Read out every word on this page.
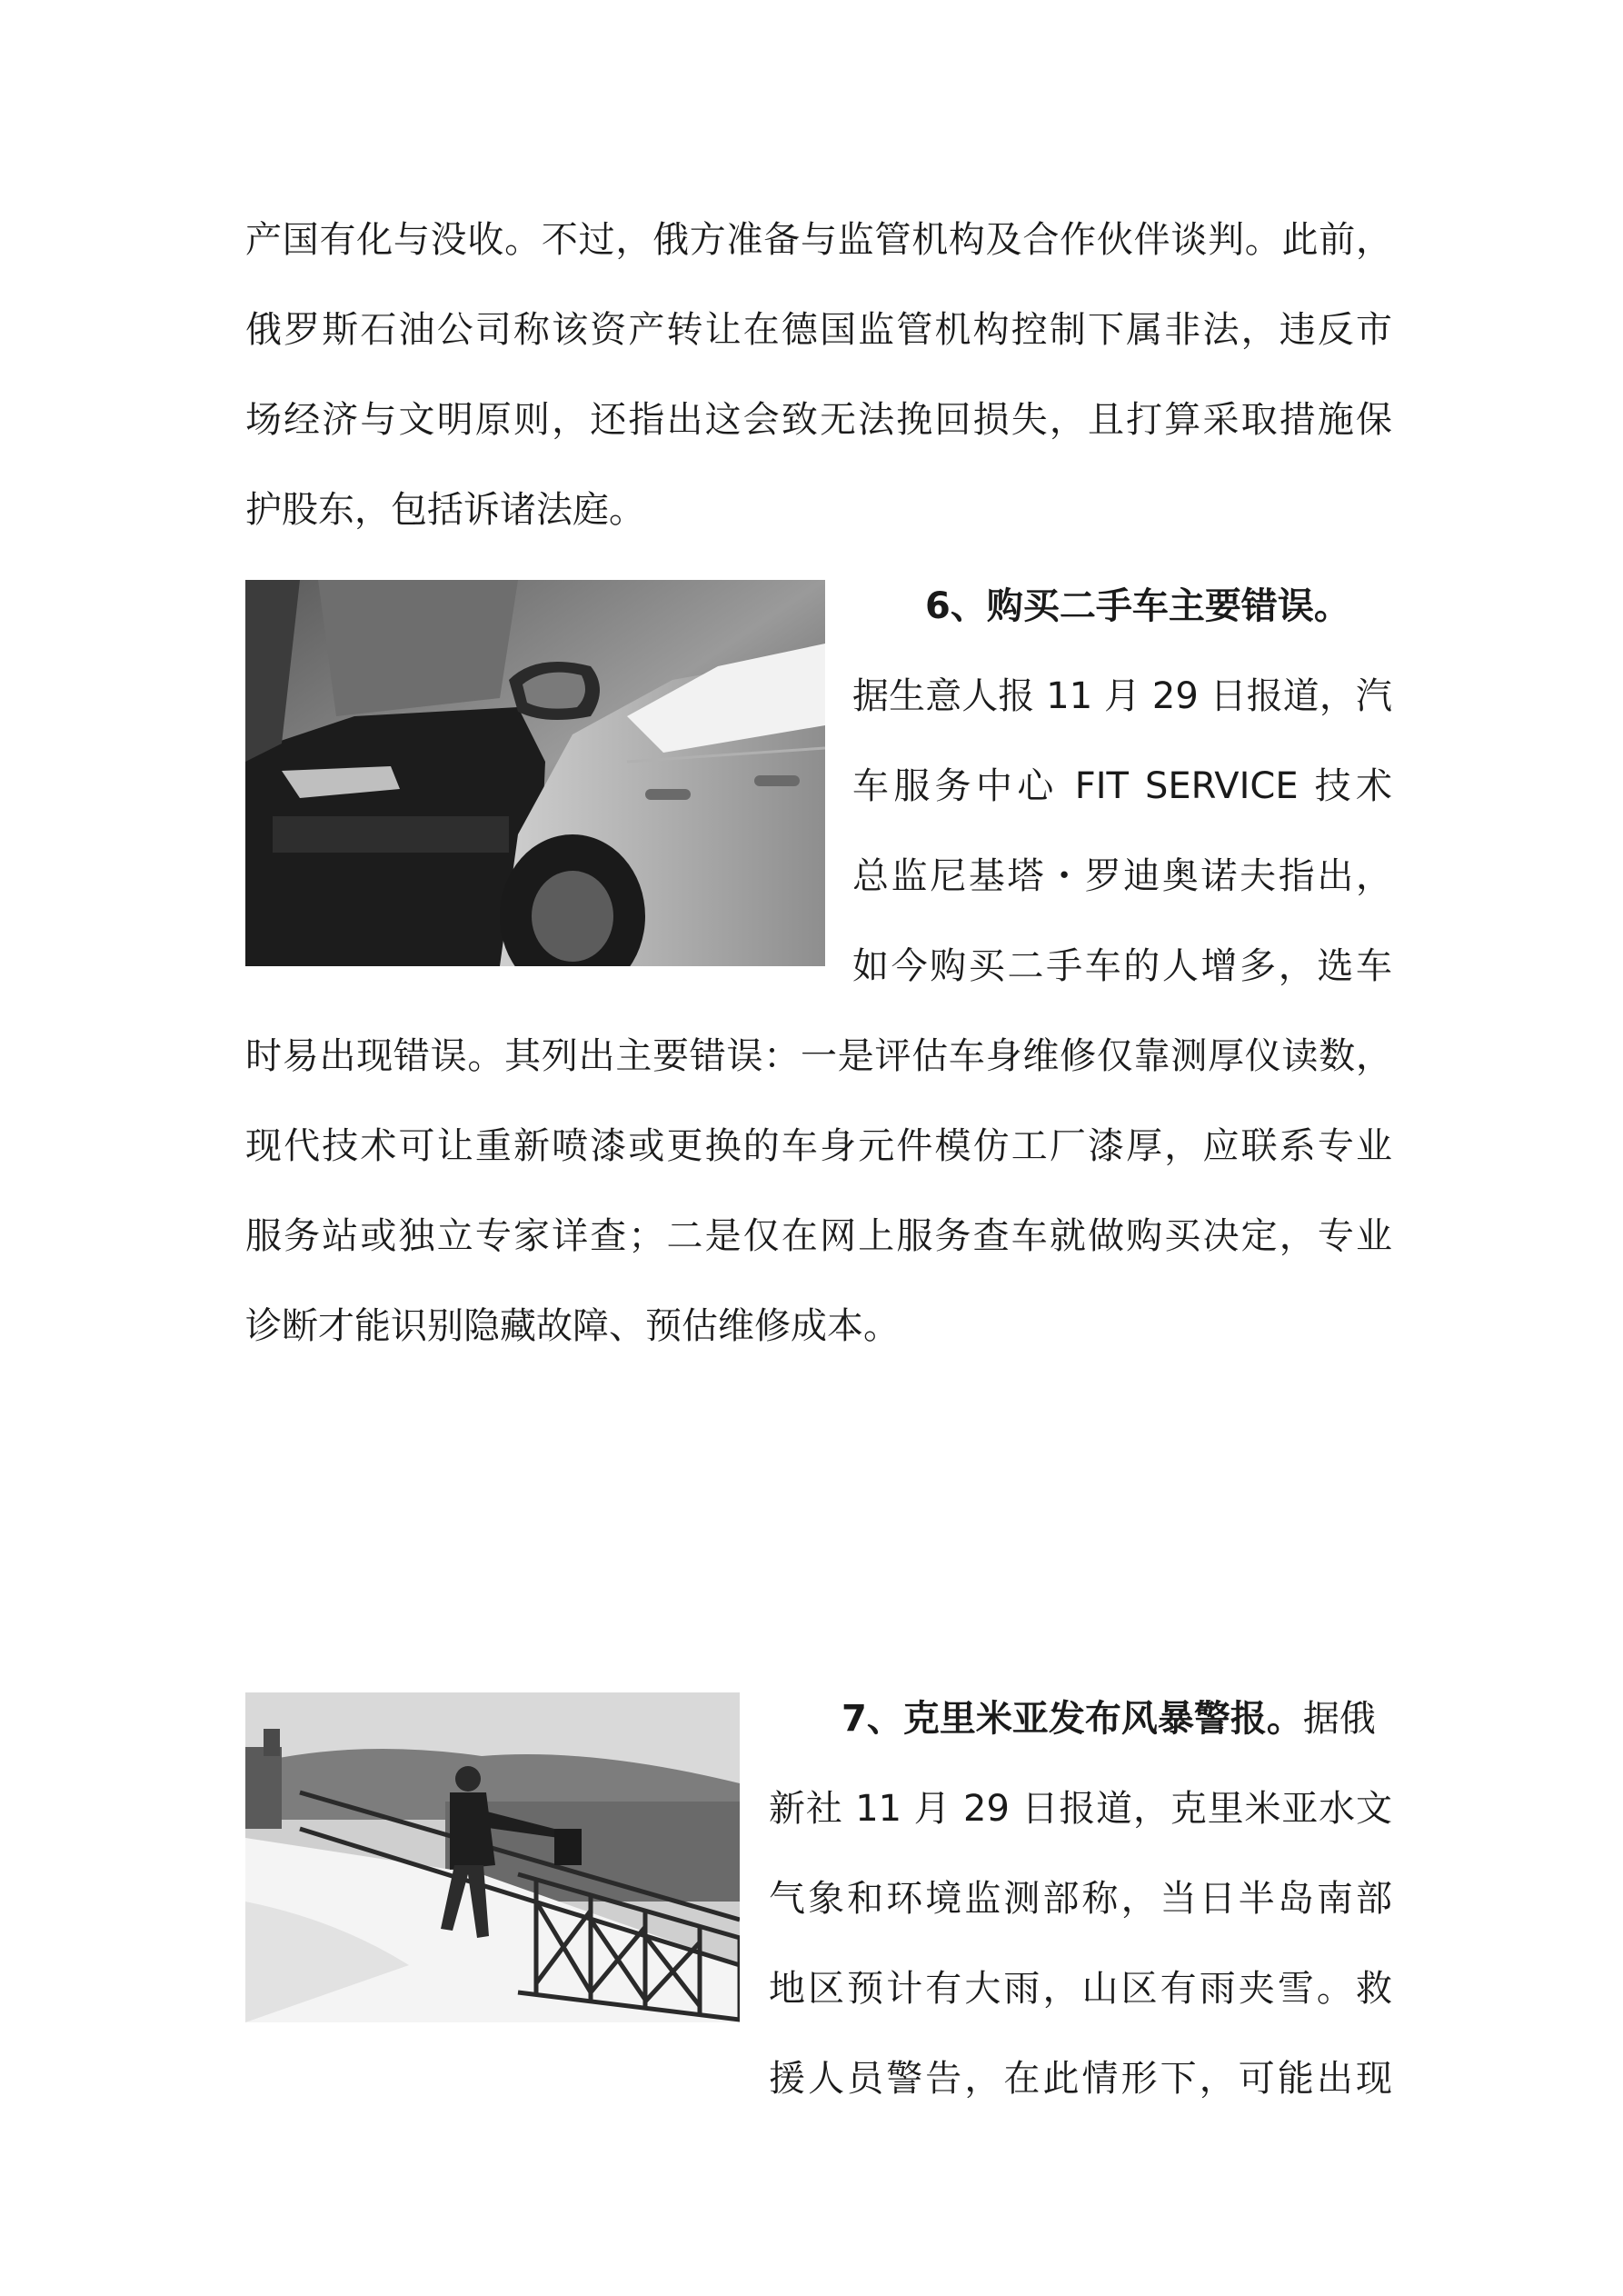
产国有化与没收。不过，俄方准备与监管机构及合作伙伴谈判。此前，
俄罗斯石油公司称该资产转让在德国监管机构控制下属非法，违反市
场经济与文明原则，还指出这会致无法挽回损失，且打算采取措施保
护股东，包括诉诸法庭。
6、购买二手车主要错误。
据生意人报 11 月 29 日报道，汽
车服务中心 FIT SERVICE 技术
总监尼基塔・罗迪奥诺夫指出，
如今购买二手车的人增多，选车
时易出现错误。其列出主要错误：一是评估车身维修仅靠测厚仪读数，
现代技术可让重新喷漆或更换的车身元件模仿工厂漆厚，应联系专业
服务站或独立专家详查；二是仅在网上服务查车就做购买决定，专业
诊断才能识别隐藏故障、预估维修成本。
7、克里米亚发布风暴警报。据俄
新社 11 月 29 日报道，克里米亚水文
气象和环境监测部称，当日半岛南部
地区预计有大雨，山区有雨夹雪。救
援人员警告，在此情形下，可能出现
